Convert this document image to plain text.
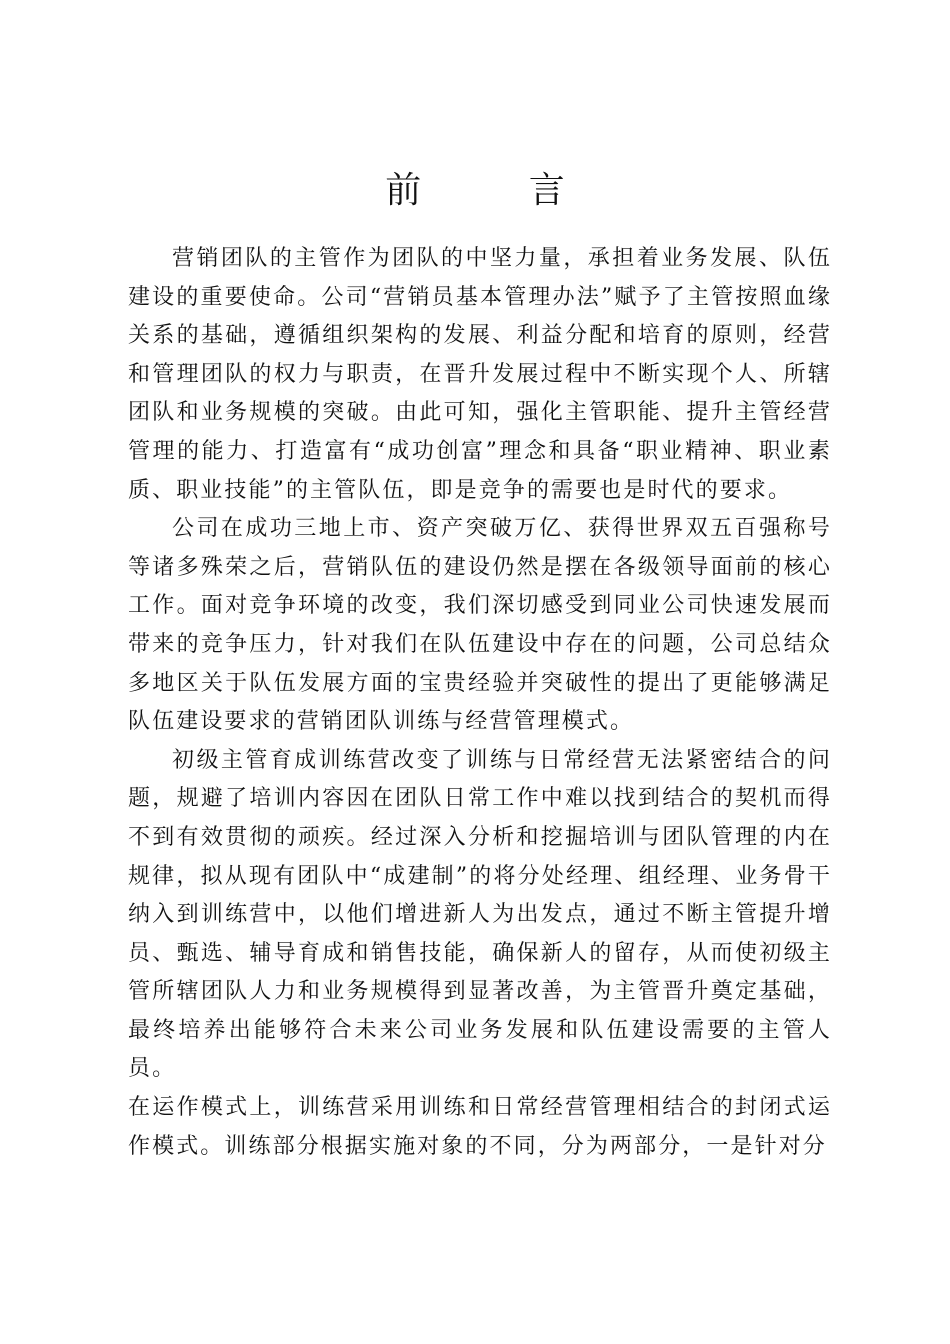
前 言

营销团队的主管作为团队的中坚力量，承担着业务发展、队伍建设的重要使命。公司“营销员基本管理办法”赋予了主管按照血缘关系的基础，遵循组织架构的发展、利益分配和培育的原则，经营和管理团队的权力与职责，在晋升发展过程中不断实现个人、所辖团队和业务规模的突破。由此可知，强化主管职能、提升主管经营管理的能力、打造富有“成功创富”理念和具备“职业精神、职业素质、职业技能”的主管队伍，即是竞争的需要也是时代的要求。

公司在成功三地上市、资产突破万亿、获得世界双五百强称号等诸多殊荣之后，营销队伍的建设仍然是摆在各级领导面前的核心工作。面对竞争环境的改变，我们深切感受到同业公司快速发展而带来的竞争压力，针对我们在队伍建设中存在的问题，公司总结众多地区关于队伍发展方面的宝贵经验并突破性的提出了更能够满足队伍建设要求的营销团队训练与经营管理模式。

初级主管育成训练营改变了训练与日常经营无法紧密结合的问题，规避了培训内容因在团队日常工作中难以找到结合的契机而得不到有效贯彻的顽疾。经过深入分析和挖掘培训与团队管理的内在规律，拟从现有团队中“成建制”的将分处经理、组经理、业务骨干纳入到训练营中，以他们增进新人为出发点，通过不断主管提升增员、甄选、辅导育成和销售技能，确保新人的留存，从而使初级主管所辖团队人力和业务规模得到显著改善，为主管晋升奠定基础，最终培养出能够符合未来公司业务发展和队伍建设需要的主管人员。

在运作模式上，训练营采用训练和日常经营管理相结合的封闭式运作模式。训练部分根据实施对象的不同，分为两部分，一是针对分
